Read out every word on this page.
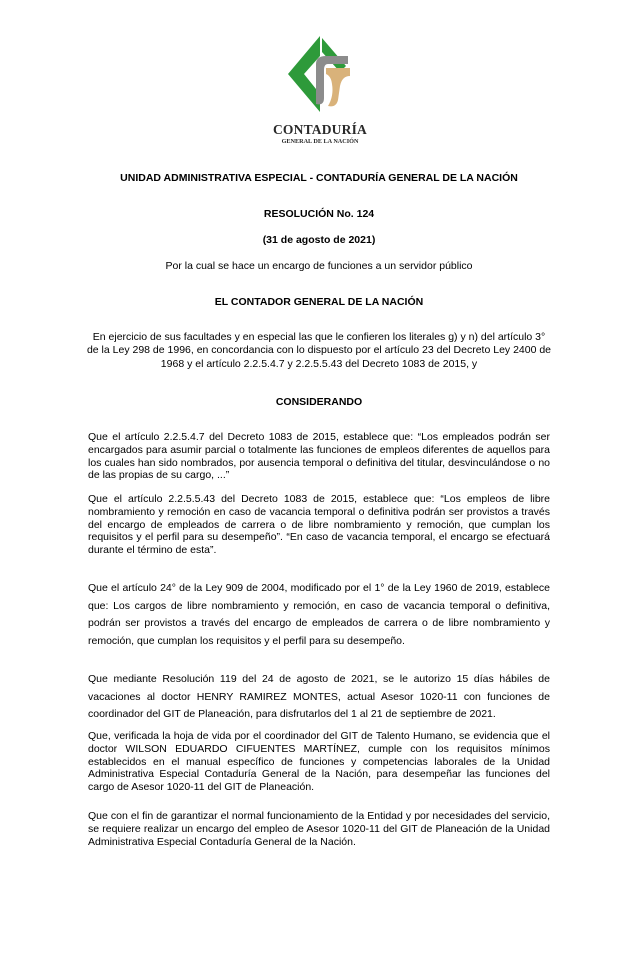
CONTADURÍA
GENERAL DE LA NACIÓN
UNIDAD ADMINISTRATIVA ESPECIAL - CONTADURÍA GENERAL DE LA NACIÓN
RESOLUCIÓN No. 124
(31 de agosto de 2021)
Por la cual se hace un encargo de funciones a un servidor público
EL CONTADOR GENERAL DE LA NACIÓN
En ejercicio de sus facultades y en especial las que le confieren los literales g) y n) del artículo 3° de la Ley 298 de 1996, en concordancia con lo dispuesto por el artículo 23 del Decreto Ley 2400 de 1968 y el artículo 2.2.5.4.7 y 2.2.5.5.43 del Decreto 1083 de 2015, y
CONSIDERANDO

Que el artículo 2.2.5.4.7 del Decreto 1083 de 2015, establece que: “Los empleados podrán ser encargados para asumir parcial o totalmente las funciones de empleos diferentes de aquellos para los cuales han sido nombrados, por ausencia temporal o definitiva del titular, desvinculándose o no de las propias de su cargo, ...”

Que el artículo 2.2.5.5.43 del Decreto 1083 de 2015, establece que: “Los empleos de libre nombramiento y remoción en caso de vacancia temporal o definitiva podrán ser provistos a través del encargo de empleados de carrera o de libre nombramiento y remoción, que cumplan los requisitos y el perfil para su desempeño”. “En caso de vacancia temporal, el encargo se efectuará durante el término de esta”.

Que el artículo 24° de la Ley 909 de 2004, modificado por el 1° de la Ley 1960 de 2019, establece que: Los cargos de libre nombramiento y remoción, en caso de vacancia temporal o definitiva, podrán ser provistos a través del encargo de empleados de carrera o de libre nombramiento y remoción, que cumplan los requisitos y el perfil para su desempeño.

Que mediante Resolución 119 del 24 de agosto de 2021, se le autorizo 15 días hábiles de vacaciones al doctor HENRY RAMIREZ MONTES, actual Asesor 1020-11 con funciones de coordinador del GIT de Planeación, para disfrutarlos del 1 al 21 de septiembre de 2021.

Que, verificada la hoja de vida por el coordinador del GIT de Talento Humano, se evidencia que el doctor WILSON EDUARDO CIFUENTES MARTÍNEZ, cumple con los requisitos mínimos establecidos en el manual específico de funciones y competencias laborales de la Unidad Administrativa Especial Contaduría General de la Nación, para desempeñar las funciones del cargo de Asesor 1020-11 del GIT de Planeación.

Que con el fin de garantizar el normal funcionamiento de la Entidad y por necesidades del servicio, se requiere realizar un encargo del empleo de Asesor 1020-11 del GIT de Planeación de la Unidad Administrativa Especial Contaduría General de la Nación.
